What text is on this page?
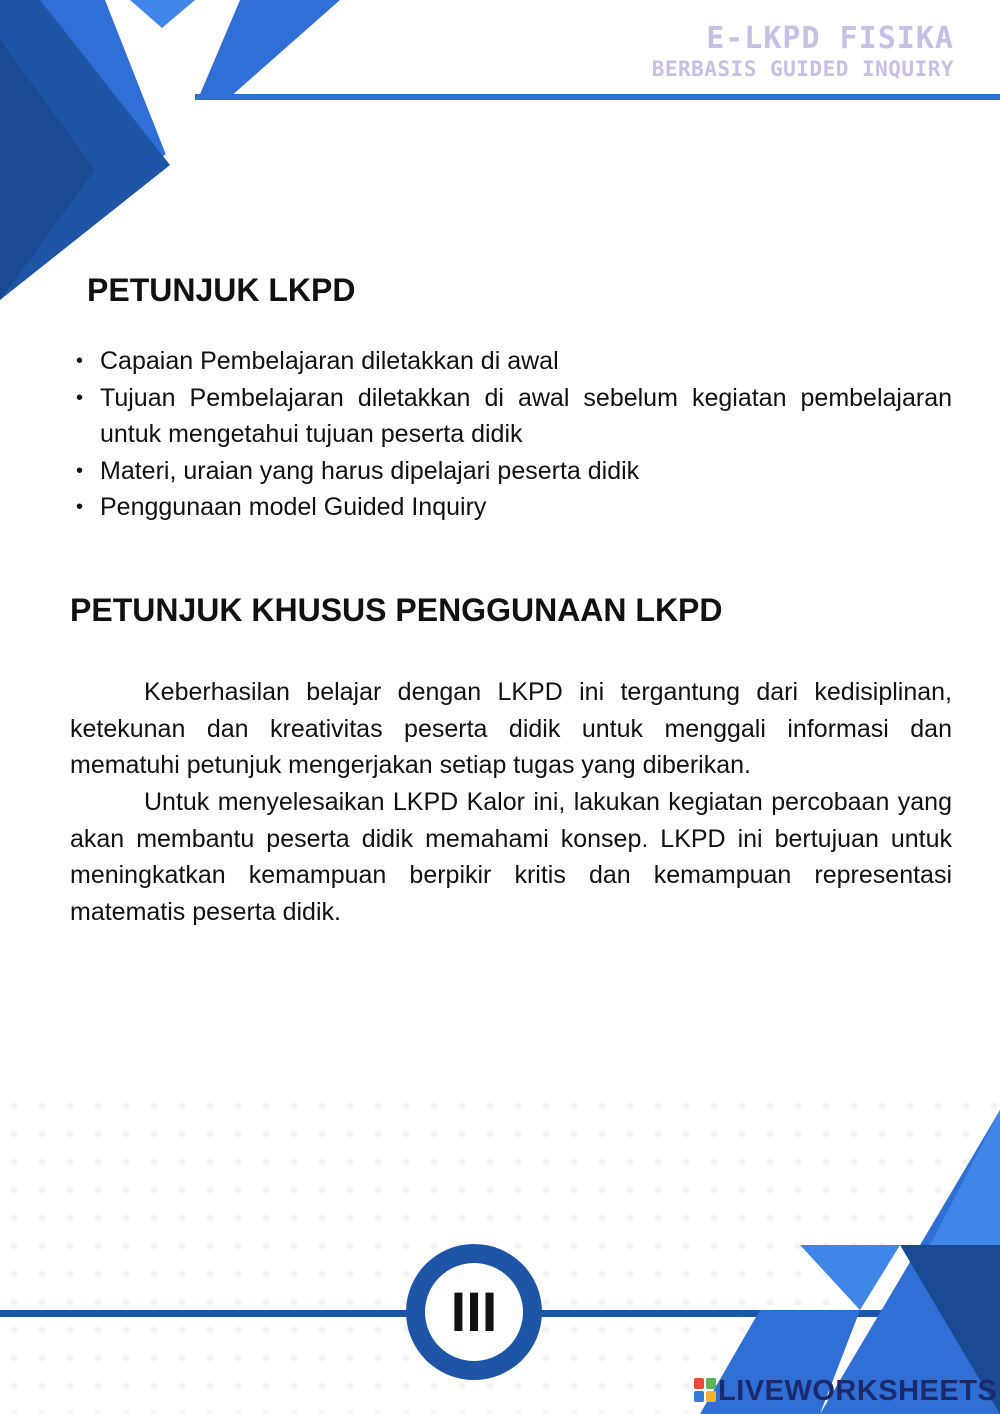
E-LKPD FISIKA
BERBASIS GUIDED INQUIRY
PETUNJUK LKPD
• Capaian Pembelajaran diletakkan di awal
• Tujuan Pembelajaran diletakkan di awal sebelum kegiatan pembelajaran untuk mengetahui tujuan peserta didik
• Materi, uraian yang harus dipelajari peserta didik
• Penggunaan model Guided Inquiry
PETUNJUK KHUSUS PENGGUNAAN LKPD

Keberhasilan belajar dengan LKPD ini tergantung dari kedisiplinan, ketekunan dan kreativitas peserta didik untuk menggali informasi dan mematuhi petunjuk mengerjakan setiap tugas yang diberikan.

Untuk menyelesaikan LKPD Kalor ini, lakukan kegiatan percobaan yang akan membantu peserta didik memahami konsep. LKPD ini bertujuan untuk meningkatkan kemampuan berpikir kritis dan kemampuan representasi matematis peserta didik.

III
LIVEWORKSHEETS
